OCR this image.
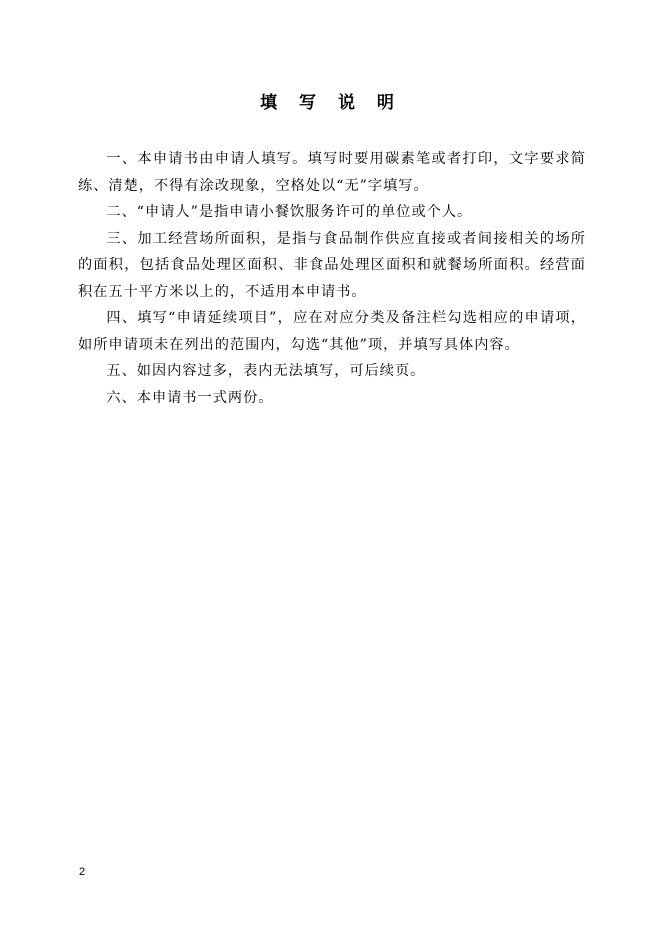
填 写 说 明

一、本申请书由申请人填写。填写时要用碳素笔或者打印，文字要求简练、清楚，不得有涂改现象，空格处以“无”字填写。

二、“申请人”是指申请小餐饮服务许可的单位或个人。

三、加工经营场所面积，是指与食品制作供应直接或者间接相关的场所的面积，包括食品处理区面积、非食品处理区面积和就餐场所面积。经营面积在五十平方米以上的，不适用本申请书。

四、填写“申请延续项目”，应在对应分类及备注栏勾选相应的申请项，如所申请项未在列出的范围内，勾选“其他”项，并填写具体内容。

五、如因内容过多，表内无法填写，可后续页。

六、本申请书一式两份。

2
